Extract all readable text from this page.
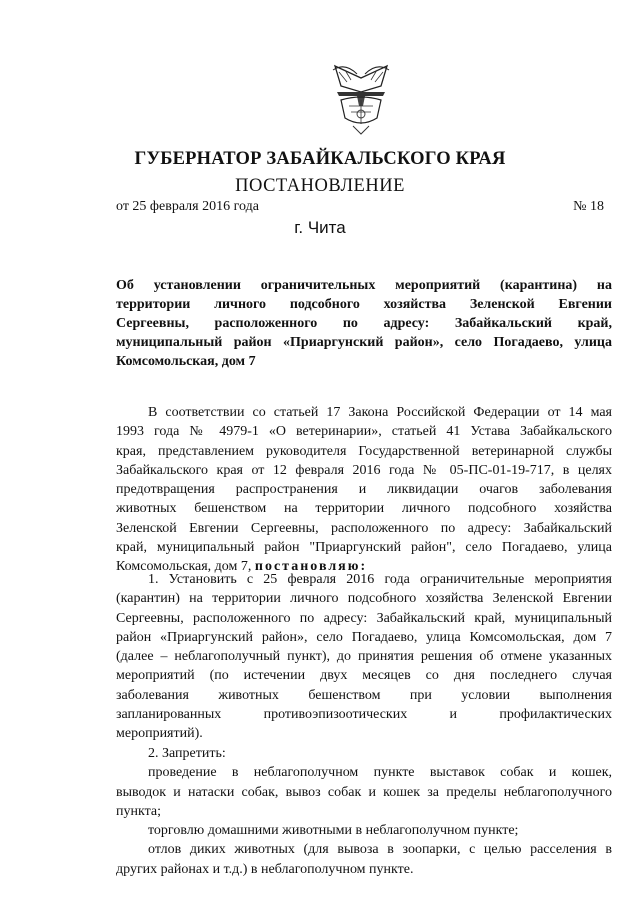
ГУБЕРНАТОР ЗАБАЙКАЛЬСКОГО КРАЯ
ПОСТАНОВЛЕНИЕ
от 25 февраля 2016 года	№ 18
г. Чита
Об установлении ограничительных мероприятий (карантина) на
территории личного подсобного хозяйства Зеленской Евгении
Сергеевны, расположенного по адресу: Забайкальский край,
муниципальный район «Приаргунский район», село Погадаево, улица
Комсомольская, дом 7
В соответствии со статьей 17 Закона Российской Федерации от 14 мая
1993 года № 4979-1 «О ветеринарии», статьей 41 Устава Забайкальского
края, представлением руководителя Государственной ветеринарной службы
Забайкальского края от 12 февраля 2016 года № 05-ПС-01-19-717, в целях
предотвращения распространения и ликвидации очагов заболевания
животных бешенством на территории личного подсобного хозяйства
Зеленской Евгении Сергеевны, расположенного по адресу: Забайкальский
край, муниципальный район "Приаргунский район", село Погадаево, улица
Комсомольская, дом 7, постановляю:
1. Установить с 25 февраля 2016 года ограничительные мероприятия
(карантин) на территории личного подсобного хозяйства Зеленской Евгении
Сергеевны, расположенного по адресу: Забайкальский край, муниципальный
район «Приаргунский район», село Погадаево, улица Комсомольская, дом 7
(далее – неблагополучный пункт), до принятия решения об отмене указанных
мероприятий (по истечении двух месяцев со дня последнего случая
заболевания животных бешенством при условии выполнения
запланированных противоэпизоотических и профилактических
мероприятий).
2. Запретить:
проведение в неблагополучном пункте выставок собак и кошек,
выводок и натаски собак, вывоз собак и кошек за пределы неблагополучного
пункта;
торговлю домашними животными в неблагополучном пункте;
отлов диких животных (для вывоза в зоопарки, с целью расселения в
других районах и т.д.) в неблагополучном пункте.
